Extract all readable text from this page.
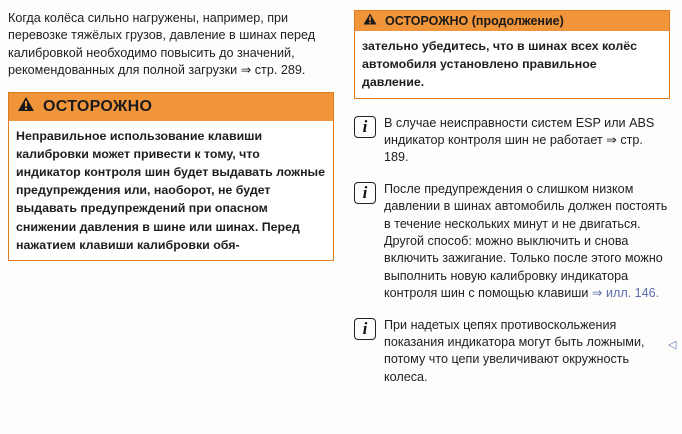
Когда колёса сильно нагружены, например, при перевозке тяжёлых грузов, давление в шинах перед калибровкой необходимо повысить до значений, рекомендованных для полной загрузки ⇒ стр. 289.

ОСТОРОЖНО
Неправильное использование клавиши калибровки может привести к тому, что индикатор контроля шин будет выдавать ложные предупреждения или, наоборот, не будет выдавать предупреждений при опасном снижении давления в шине или шинах. Перед нажатием клавиши калибровки обя-
ОСТОРОЖНО (продолжение)
зательно убедитесь, что в шинах всех колёс автомобиля установлено правильное давление.
i	В случае неисправности систем ESP или ABS индикатор контроля шин не работает ⇒ стр. 189.

i	После предупреждения о слишком низком давлении в шинах автомобиль должен постоять в течение нескольких минут и не двигаться. Другой способ: можно выключить и снова включить зажигание. Только после этого можно выполнить новую калибровку индикатора контроля шин с помощью клавиши ⇒ илл. 146.

i	При надетых цепях противоскольжения показания индикатора могут быть ложными, потому что цепи увеличивают окружность колеса.

◁
